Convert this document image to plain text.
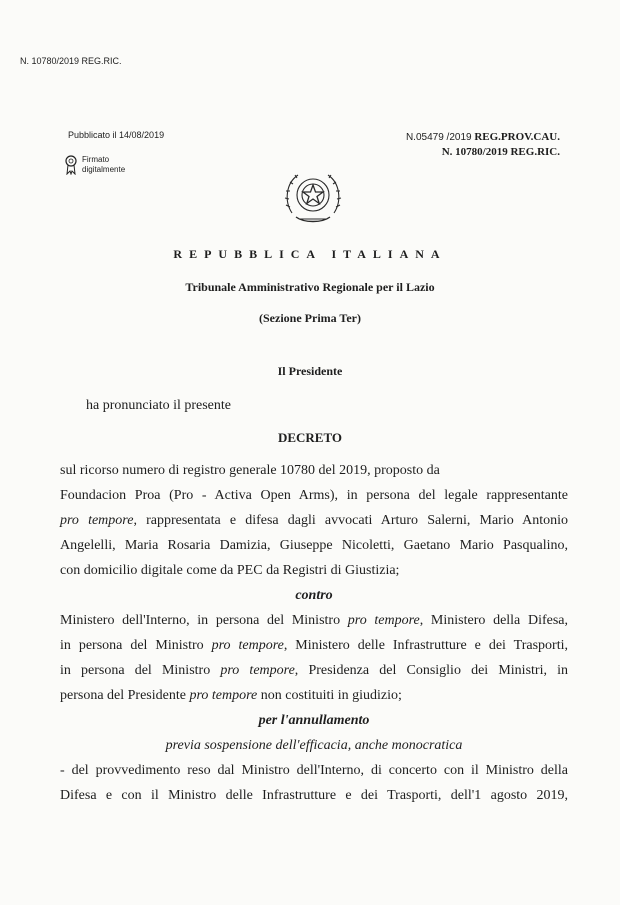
N. 10780/2019 REG.RIC.
Pubblicato il 14/08/2019	N.05479 /2019 REG.PROV.CAU.
N. 10780/2019 REG.RIC.
Firmato
digitalmente
REPUBBLICA ITALIANA
Tribunale Amministrativo Regionale per il Lazio
(Sezione Prima Ter)
Il Presidente
ha pronunciato il presente
DECRETO
sul ricorso numero di registro generale 10780 del 2019, proposto da
Foundacion Proa (Pro - Activa Open Arms), in persona del legale rappresentante
pro tempore, rappresentata e difesa dagli avvocati Arturo Salerni, Mario Antonio
Angelelli, Maria Rosaria Damizia, Giuseppe Nicoletti, Gaetano Mario Pasqualino,
con domicilio digitale come da PEC da Registri di Giustizia;
contro
Ministero dell'Interno, in persona del Ministro pro tempore, Ministero della Difesa,
in persona del Ministro pro tempore, Ministero delle Infrastrutture e dei Trasporti,
in persona del Ministro pro tempore, Presidenza del Consiglio dei Ministri, in
persona del Presidente pro tempore non costituiti in giudizio;
per l'annullamento
previa sospensione dell'efficacia, anche monocratica
- del provvedimento reso dal Ministro dell'Interno, di concerto con il Ministro della
Difesa e con il Ministro delle Infrastrutture e dei Trasporti, dell'1 agosto 2019,
